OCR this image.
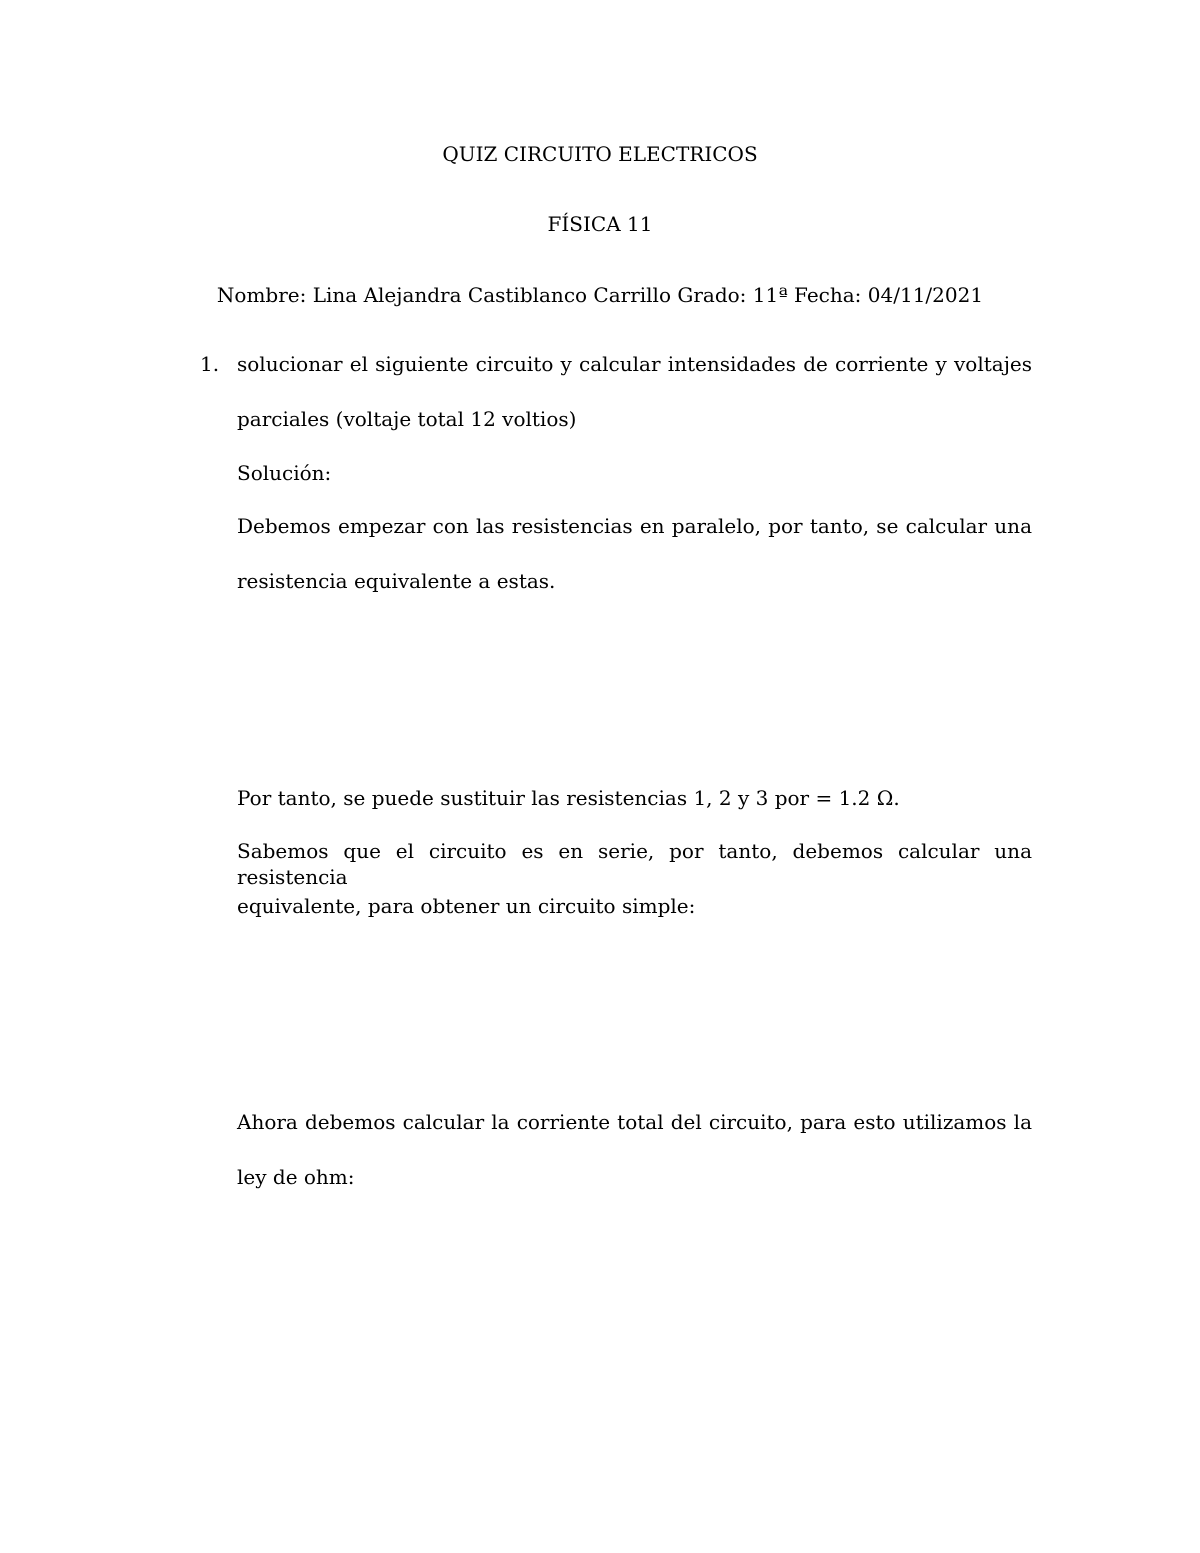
QUIZ CIRCUITO ELECTRICOS
FÍSICA 11
Nombre: Lina Alejandra Castiblanco Carrillo Grado: 11ª Fecha: 04/11/2021
1. solucionar el siguiente circuito y calcular intensidades de corriente y voltajes
parciales (voltaje total 12 voltios)
Solución:
Debemos empezar con las resistencias en paralelo, por tanto, se calcular una
resistencia equivalente a estas.
Por tanto, se puede sustituir las resistencias 1, 2 y 3 por = 1.2 Ω.
Sabemos que el circuito es en serie, por tanto, debemos calcular una resistencia
equivalente, para obtener un circuito simple:
Ahora debemos calcular la corriente total del circuito, para esto utilizamos la
ley de ohm:
